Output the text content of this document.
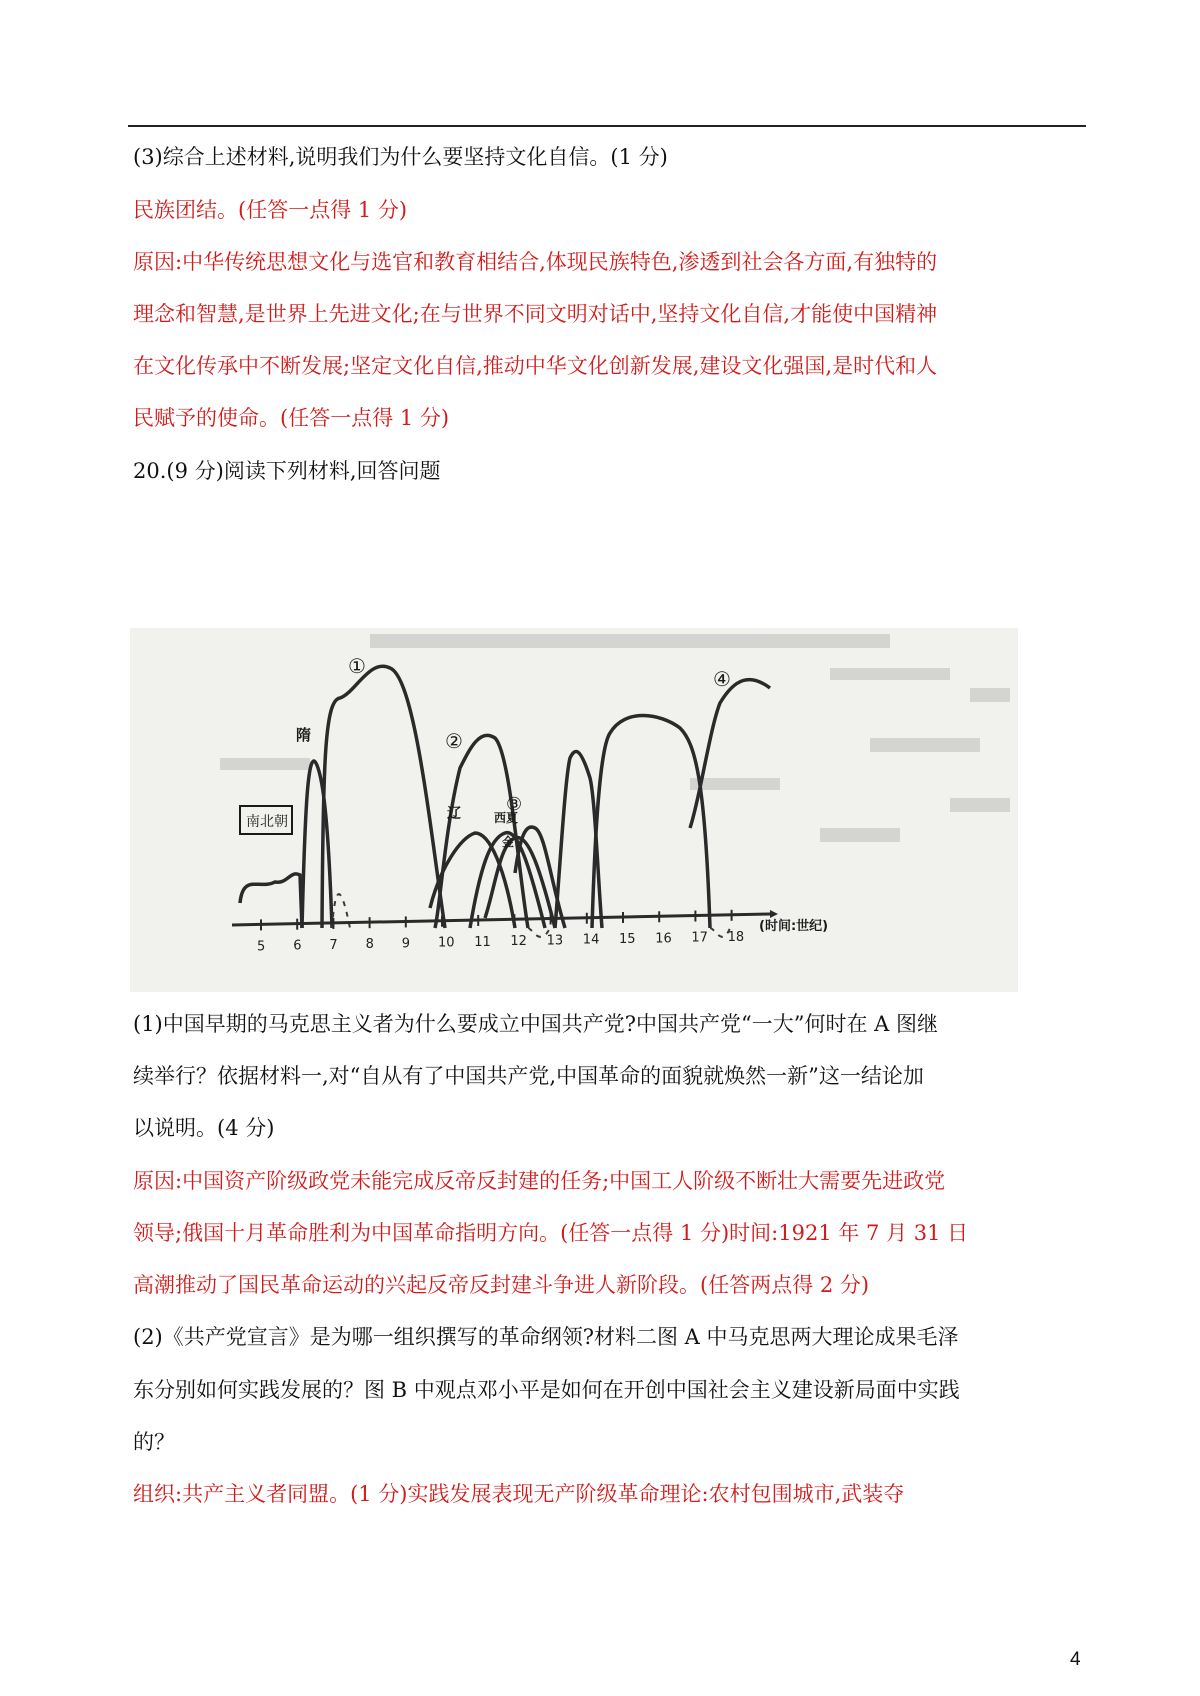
(3)综合上述材料,说明我们为什么要坚持文化自信。(1 分)
民族团结。(任答一点得 1 分)
原因:中华传统思想文化与选官和教育相结合,体现民族特色,渗透到社会各方面,有独特的
理念和智慧,是世界上先进文化;在与世界不同文明对话中,坚持文化自信,才能使中国精神
在文化传承中不断发展;坚定文化自信,推动中华文化创新发展,建设文化强国,是时代和人
民赋予的使命。(任答一点得 1 分)
20.(9 分)阅读下列材料,回答问题
5 6 7 8 9 10 11 12 13 14 15 16 17 18
南北朝
隋
辽	西夏
金
①
②
③
④
(时间:世纪)
(1)中国早期的马克思主义者为什么要成立中国共产党?中国共产党“一大”何时在 A 图继
续举行？依据材料一,对“自从有了中国共产党,中国革命的面貌就焕然一新”这一结论加
以说明。(4 分)
原因:中国资产阶级政党未能完成反帝反封建的任务;中国工人阶级不断壮大需要先进政党
领导;俄国十月革命胜利为中国革命指明方向。(任答一点得 1 分)时间:1921 年 7 月 31 日
高潮推动了国民革命运动的兴起反帝反封建斗争进人新阶段。(任答两点得 2 分)
(2)《共产党宣言》是为哪一组织撰写的革命纲领?材料二图 A 中马克思两大理论成果毛泽
东分别如何实践发展的？图 B 中观点邓小平是如何在开创中国社会主义建设新局面中实践
的？
组织:共产主义者同盟。(1 分)实践发展表现无产阶级革命理论:农村包围城市,武装夺
4
